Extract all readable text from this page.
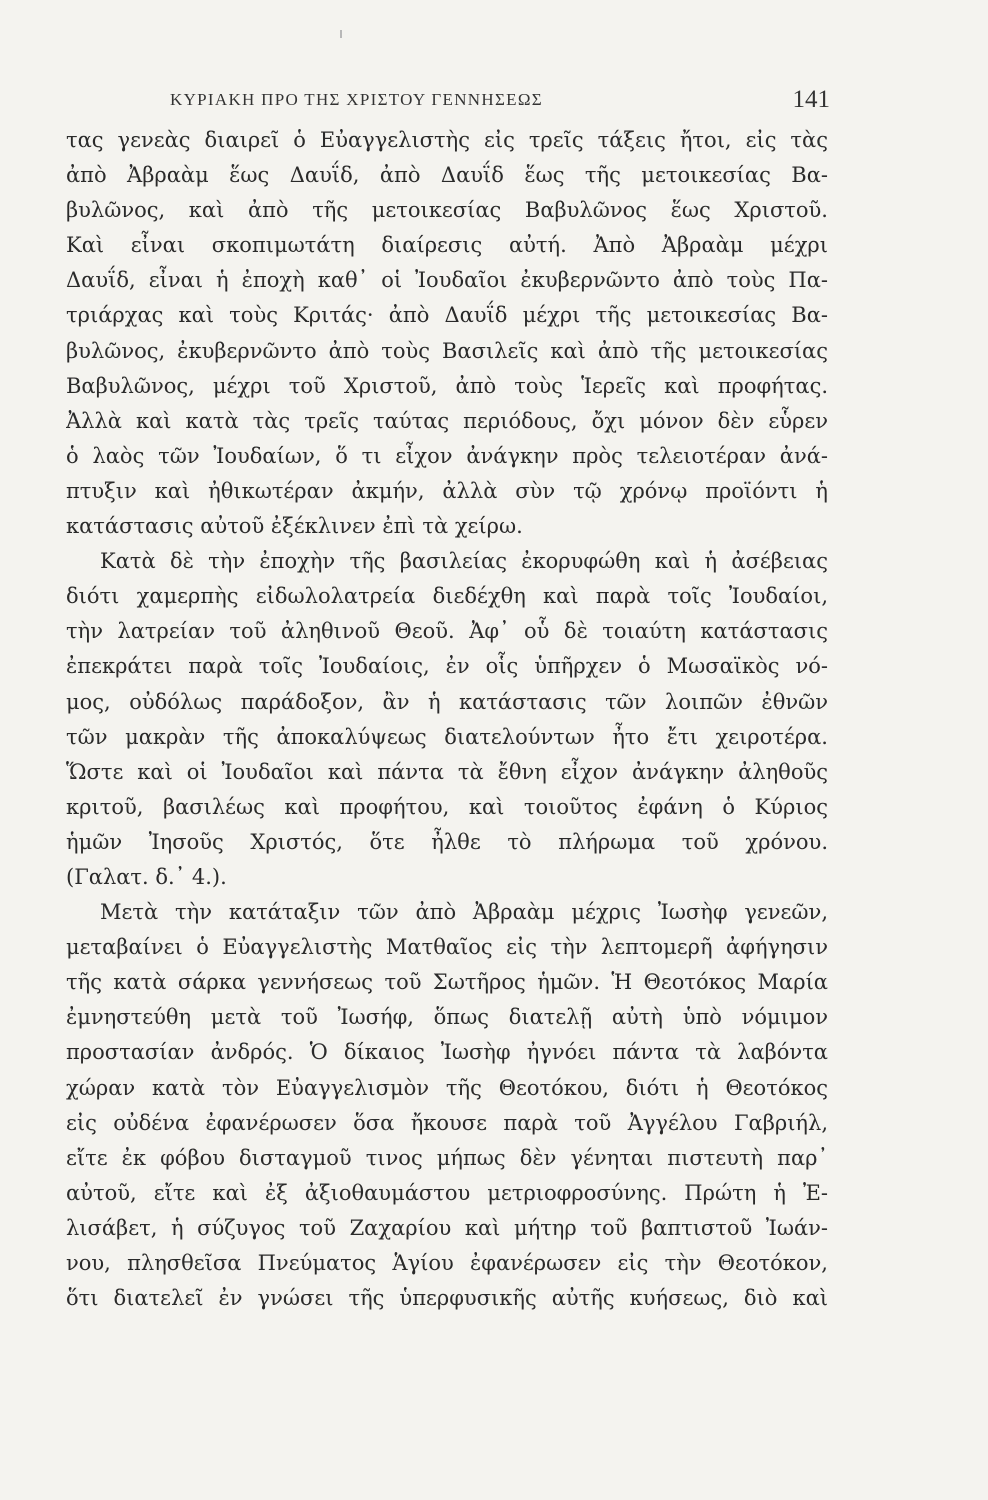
ΚΥΡΙΑΚΗ ΠΡΟ ΤΗΣ ΧΡΙΣΤΟΥ ΓΕΝΝΗΣΕΩΣ	141
τας γενεὰς διαιρεῖ ὁ Εὐαγγελιστὴς εἰς τρεῖς τάξεις ἤτοι, εἰς τὰς
ἀπὸ Ἀβραὰμ ἕως Δαυΐδ, ἀπὸ Δαυΐδ ἕως τῆς μετοικεσίας Βα-
βυλῶνος, καὶ ἀπὸ τῆς μετοικεσίας Βαβυλῶνος ἕως Χριστοῦ.
Καὶ εἶναι σκοπιμωτάτη διαίρεσις αὐτή. Ἀπὸ Ἀβραὰμ μέχρι
Δαυΐδ, εἶναι ἡ ἐποχὴ καθ᾽ οἱ Ἰουδαῖοι ἐκυβερνῶντο ἀπὸ τοὺς Πα-
τριάρχας καὶ τοὺς Κριτάς· ἀπὸ Δαυΐδ μέχρι τῆς μετοικεσίας Βα-
βυλῶνος, ἐκυβερνῶντο ἀπὸ τοὺς Βασιλεῖς καὶ ἀπὸ τῆς μετοικεσίας
Βαβυλῶνος, μέχρι τοῦ Χριστοῦ, ἀπὸ τοὺς Ἱερεῖς καὶ προφήτας.
Ἀλλὰ καὶ κατὰ τὰς τρεῖς ταύτας περιόδους, ὄχι μόνον δὲν εὗρεν
ὁ λαὸς τῶν Ἰουδαίων, ὅ τι εἶχον ἀνάγκην πρὸς τελειοτέραν ἀνά-
πτυξιν καὶ ἠθικωτέραν ἀκμήν, ἀλλὰ σὺν τῷ χρόνῳ προϊόντι ἡ
κατάστασις αὐτοῦ ἐξέκλινεν ἐπὶ τὰ χείρω.
Κατὰ δὲ τὴν ἐποχὴν τῆς βασιλείας ἐκορυφώθη καὶ ἡ ἀσέβειας
διότι χαμερπὴς εἰδωλολατρεία διεδέχθη καὶ παρὰ τοῖς Ἰουδαίοι,
τὴν λατρείαν τοῦ ἀληθινοῦ Θεοῦ. Ἀφ᾽ οὗ δὲ τοιαύτη κατάστασις
ἐπεκράτει παρὰ τοῖς Ἰουδαίοις, ἐν οἷς ὑπῆρχεν ὁ Μωσαϊκὸς νό-
μος, οὐδόλως παράδοξον, ἂν ἡ κατάστασις τῶν λοιπῶν ἐθνῶν
τῶν μακρὰν τῆς ἀποκαλύψεως διατελούντων ἦτο ἔτι χειροτέρα.
Ὥστε καὶ οἱ Ἰουδαῖοι καὶ πάντα τὰ ἔθνη εἶχον ἀνάγκην ἀληθοῦς
κριτοῦ, βασιλέως καὶ προφήτου, καὶ τοιοῦτος ἐφάνη ὁ Κύριος
ἡμῶν Ἰησοῦς Χριστός, ὅτε ἦλθε τὸ πλήρωμα τοῦ χρόνου.
(Γαλατ. δ.᾽ 4.).
Μετὰ τὴν κατάταξιν τῶν ἀπὸ Ἀβραὰμ μέχρις Ἰωσὴφ γενεῶν,
μεταβαίνει ὁ Εὐαγγελιστὴς Ματθαῖος εἰς τὴν λεπτομερῆ ἀφήγησιν
τῆς κατὰ σάρκα γεννήσεως τοῦ Σωτῆρος ἡμῶν. Ἡ Θεοτόκος Μαρία
ἐμνηστεύθη μετὰ τοῦ Ἰωσήφ, ὅπως διατελῇ αὐτὴ ὑπὸ νόμιμον
προστασίαν ἀνδρός. Ὁ δίκαιος Ἰωσὴφ ἠγνόει πάντα τὰ λαβόντα
χώραν κατὰ τὸν Εὐαγγελισμὸν τῆς Θεοτόκου, διότι ἡ Θεοτόκος
εἰς οὐδένα ἐφανέρωσεν ὅσα ἤκουσε παρὰ τοῦ Ἀγγέλου Γαβριήλ,
εἴτε ἐκ φόβου δισταγμοῦ τινος μήπως δὲν γένηται πιστευτὴ παρ᾽
αὐτοῦ, εἴτε καὶ ἐξ ἀξιοθαυμάστου μετριοφροσύνης. Πρώτη ἡ Ἐ-
λισάβετ, ἡ σύζυγος τοῦ Ζαχαρίου καὶ μήτηρ τοῦ βαπτιστοῦ Ἰωάν-
νου, πλησθεῖσα Πνεύματος Ἁγίου ἐφανέρωσεν εἰς τὴν Θεοτόκον,
ὅτι διατελεῖ ἐν γνώσει τῆς ὑπερφυσικῆς αὐτῆς κυήσεως, διὸ καὶ
